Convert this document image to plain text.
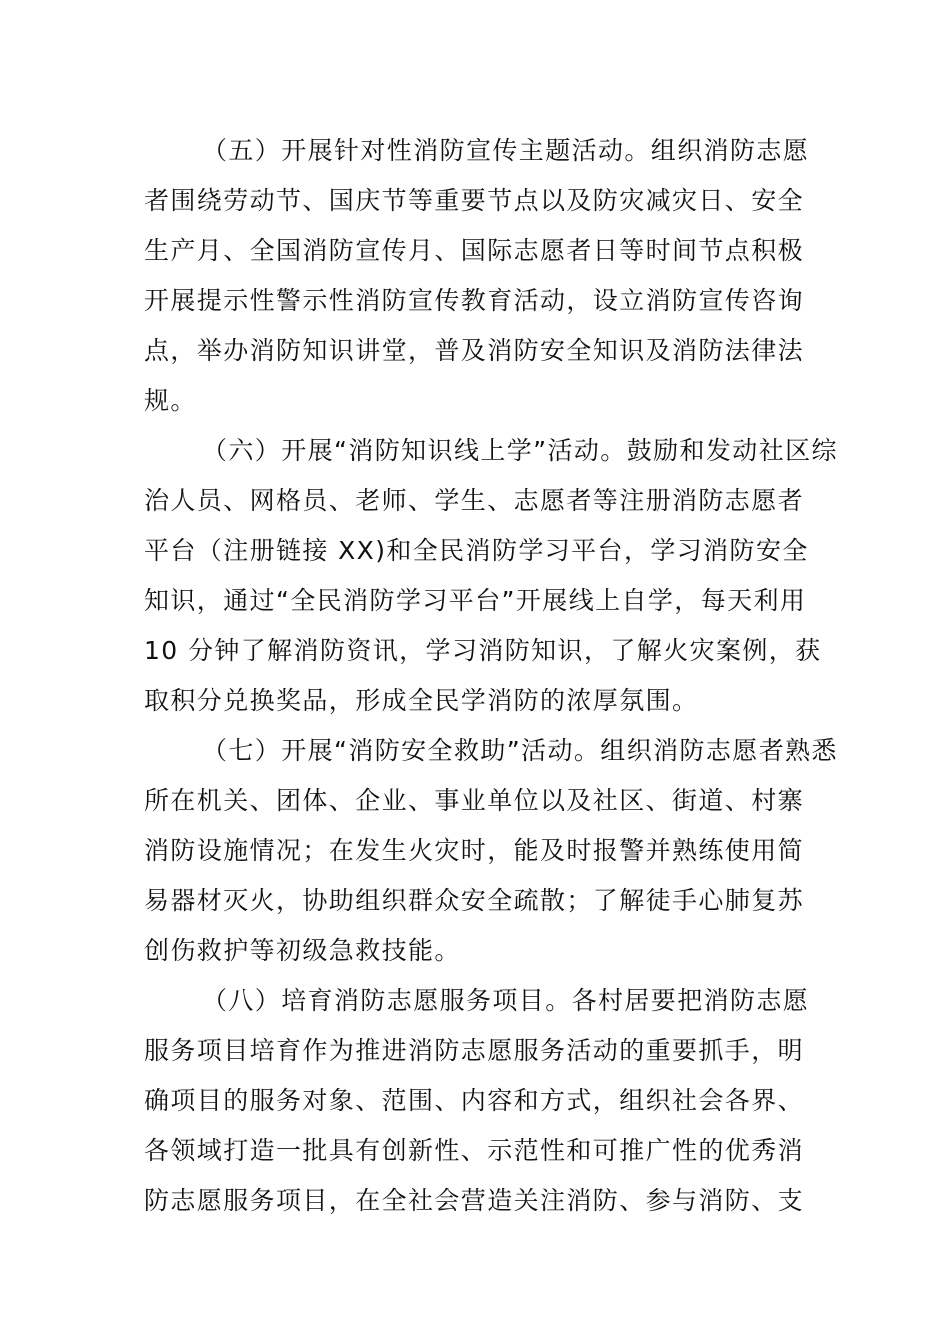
（五）开展针对性消防宣传主题活动。组织消防志愿
者围绕劳动节、国庆节等重要节点以及防灾减灾日、安全
生产月、全国消防宣传月、国际志愿者日等时间节点积极
开展提示性警示性消防宣传教育活动，设立消防宣传咨询
点，举办消防知识讲堂，普及消防安全知识及消防法律法
规。
（六）开展“消防知识线上学”活动。鼓励和发动社区综
治人员、网格员、老师、学生、志愿者等注册消防志愿者
平台（注册链接 XX)和全民消防学习平台，学习消防安全
知识，通过“全民消防学习平台”开展线上自学，每天利用
10 分钟了解消防资讯，学习消防知识，了解火灾案例，获
取积分兑换奖品，形成全民学消防的浓厚氛围。
（七）开展“消防安全救助”活动。组织消防志愿者熟悉
所在机关、团体、企业、事业单位以及社区、街道、村寨
消防设施情况；在发生火灾时，能及时报警并熟练使用简
易器材灭火，协助组织群众安全疏散；了解徒手心肺复苏
创伤救护等初级急救技能。
（八）培育消防志愿服务项目。各村居要把消防志愿
服务项目培育作为推进消防志愿服务活动的重要抓手，明
确项目的服务对象、范围、内容和方式，组织社会各界、
各领域打造一批具有创新性、示范性和可推广性的优秀消
防志愿服务项目，在全社会营造关注消防、参与消防、支
